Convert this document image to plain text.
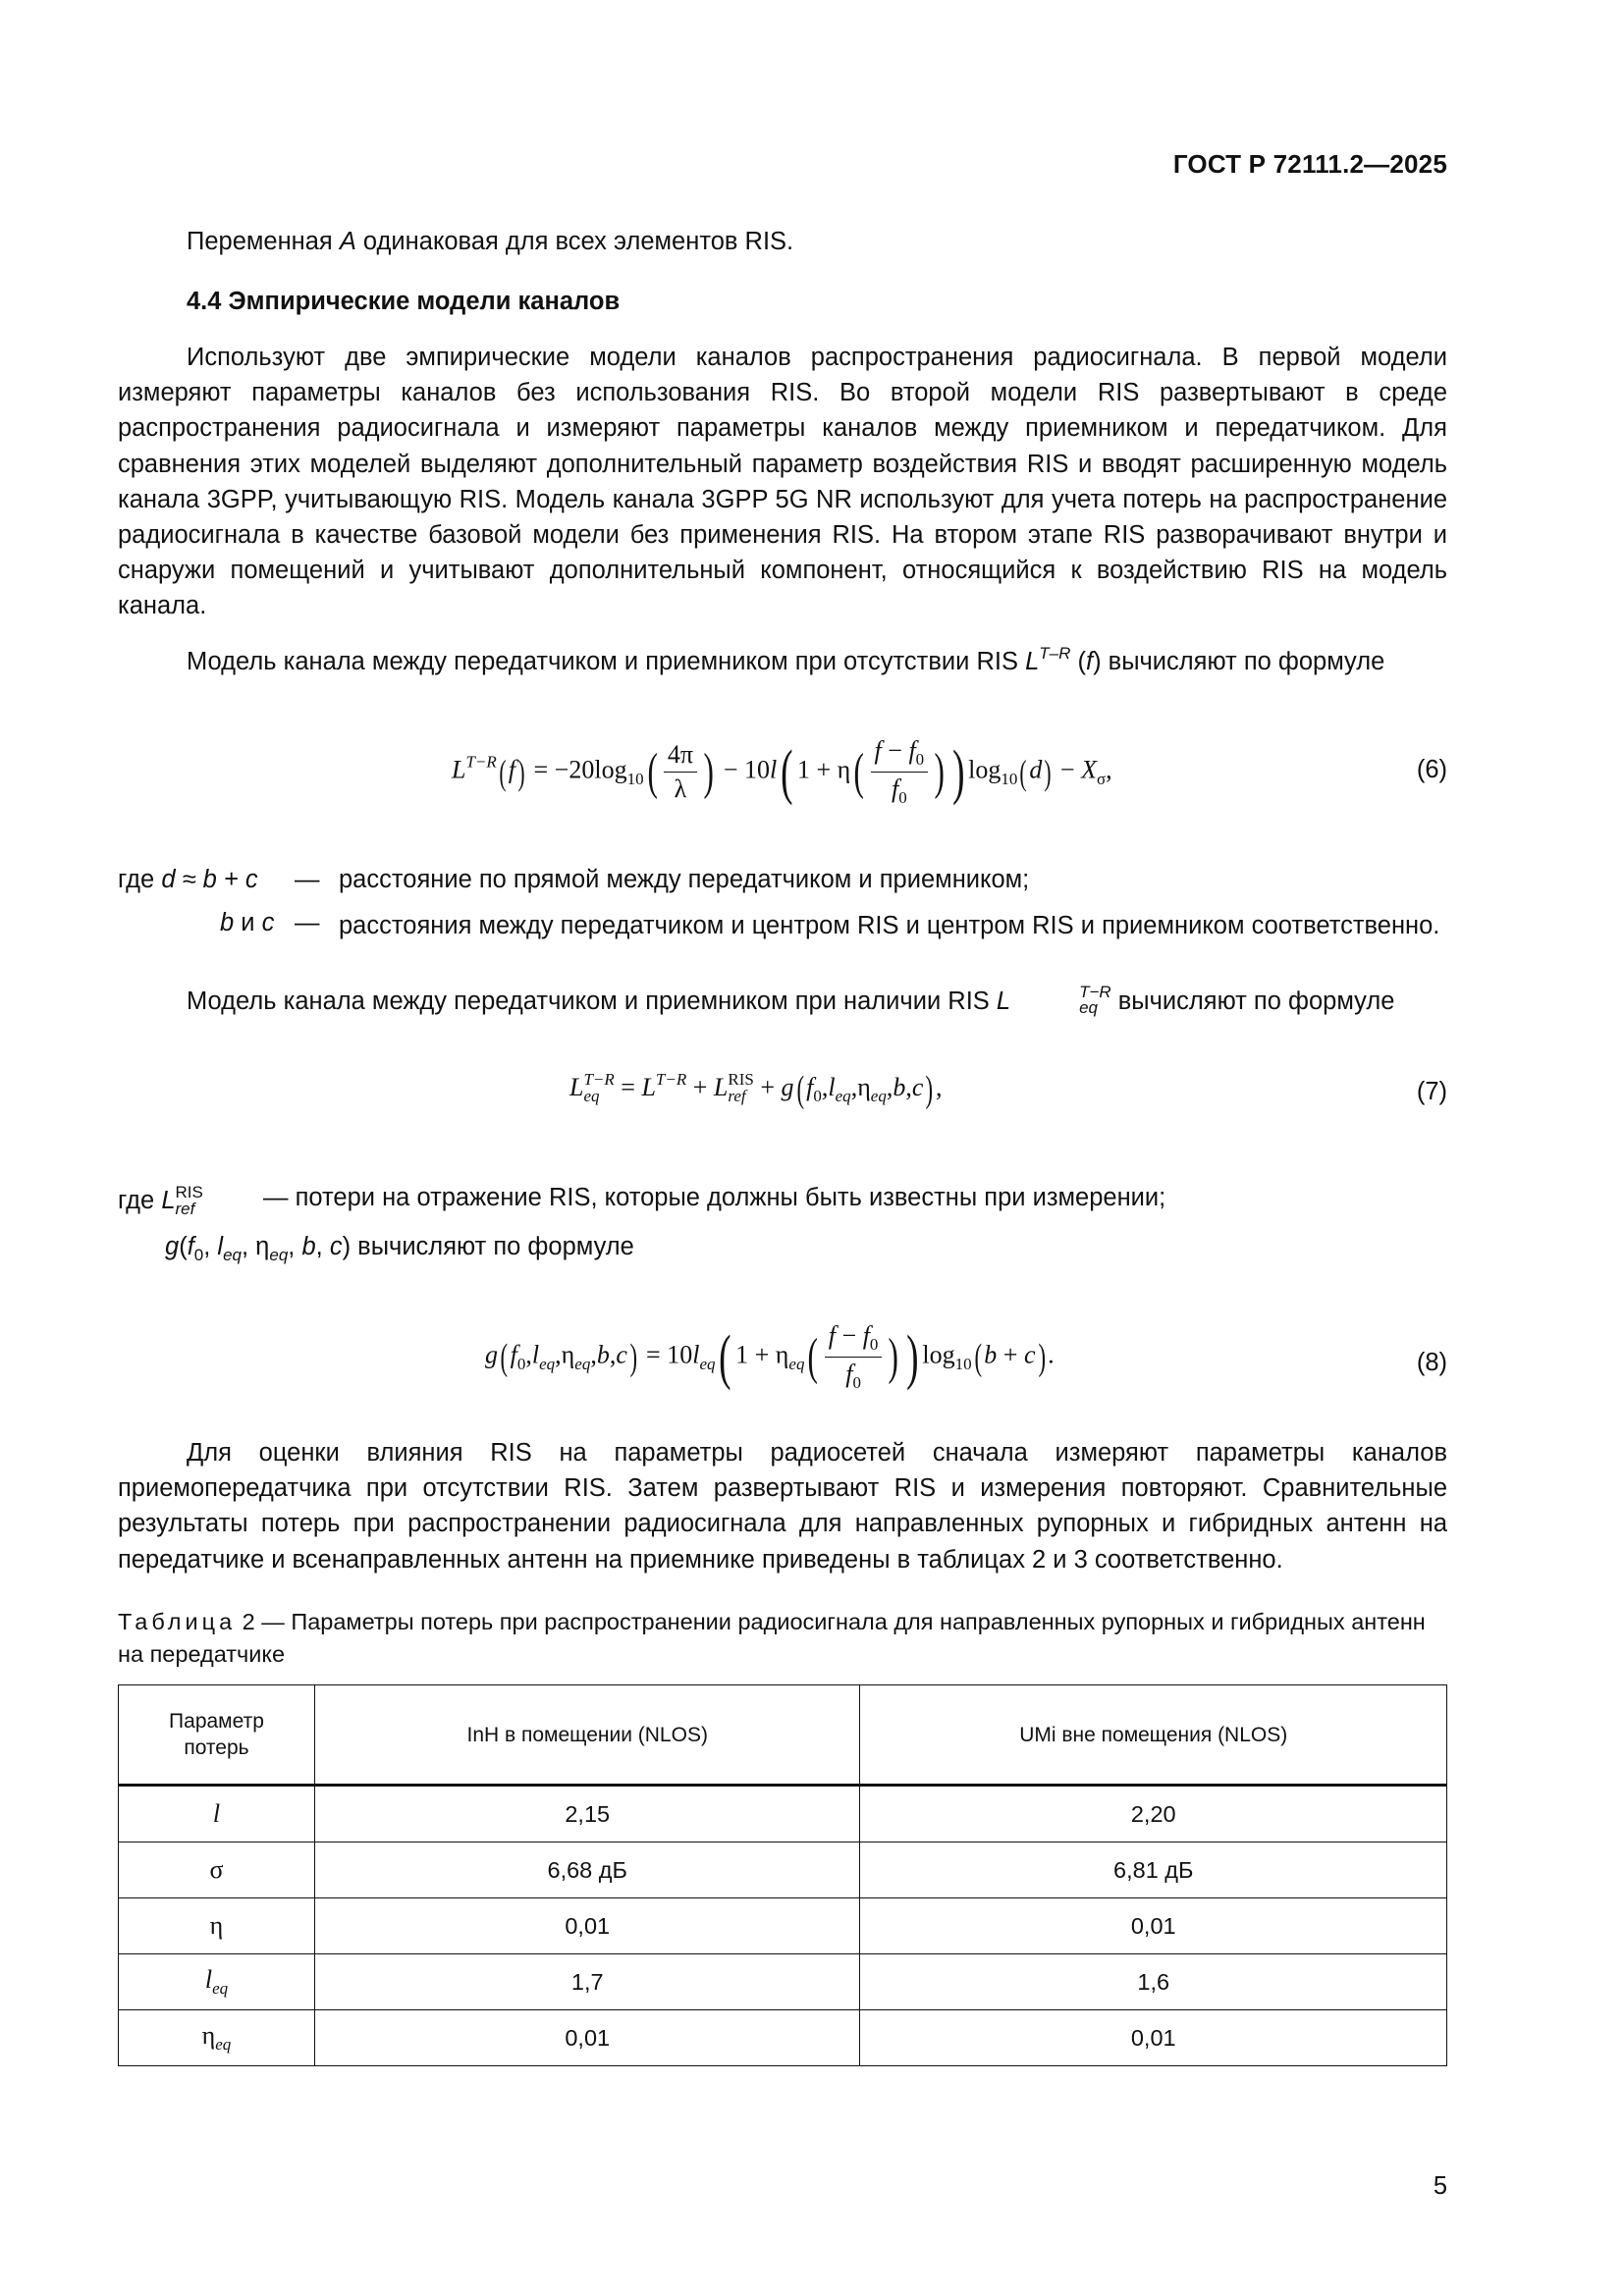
ГОСТ Р 72111.2—2025

Переменная A одинаковая для всех элементов RIS.

4.4 Эмпирические модели каналов

Используют две эмпирические модели каналов распространения радиосигнала. В первой модели измеряют параметры каналов без использования RIS. Во второй модели RIS развертывают в среде распространения радиосигнала и измеряют параметры каналов между приемником и передатчиком. Для сравнения этих моделей выделяют дополнительный параметр воздействия RIS и вводят расширенную модель канала 3GPP, учитывающую RIS. Модель канала 3GPP 5G NR используют для учета потерь на распространение радиосигнала в качестве базовой модели без применения RIS. На втором этапе RIS разворачивают внутри и снаружи помещений и учитывают дополнительный компонент, относящийся к воздействию RIS на модель канала.

Модель канала между передатчиком и приемником при отсутствии RIS $L^{T-R}$ (f) вычисляют по формуле

$L^{T-R}(f) = -20\log_{10}( \frac{4\pi}{\lambda}$ ) − 10l( $1 + \eta( \frac{f - f_0}{f_0}$ ) ) $\log_{10}(d) - X_\sigma$,	(6)
где d ≈ b + c — расстояние по прямой между передатчиком и приемником;
b и c — расстояния между передатчиком и центром RIS и центром RIS и приемником соответственно.

Модель канала между передатчиком и приемником при наличии RIS L	T−R
eq вычисляют по формуле

L T−R
eq = $L^{T-R} + L$ RIS
ref + $g(f_0,l_{eq},\eta_{eq},b,c)$,	(7)
где L RIS
ref	— потери на отражение RIS, которые должны быть известны при измерении;
$g(f_0$, $l_{eq}$, $\eta_{eq}$, b, c) вычисляют по формуле
$g(f_0,l_{eq},\eta_{eq},b,c) = 10l_{eq}$( $1 + \eta_{eq}( \frac{f - f_0}{f_0}$ ) ) $\log_{10}(b + c)$.	(8)

Для оценки влияния RIS на параметры радиосетей сначала измеряют параметры каналов приемопередатчика при отсутствии RIS. Затем развертывают RIS и измерения повторяют. Сравнительные результаты потерь при распространении радиосигнала для направленных рупорных и гибридных антенн на передатчике и всенаправленных антенн на приемнике приведены в таблицах 2 и 3 соответственно.

Таблица 2 — Параметры потерь при распространении радиосигнала для направленных рупорных и гибридных антенн на передатчике
Параметр потерь	InH в помещении (NLOS)	UMi вне помещения (NLOS)
l	2,15	2,20
σ	6,68 дБ	6,81 дБ
η	0,01	0,01
$l_{eq}$	1,7	1,6
$\eta_{eq}$	0,01	0,01
5
